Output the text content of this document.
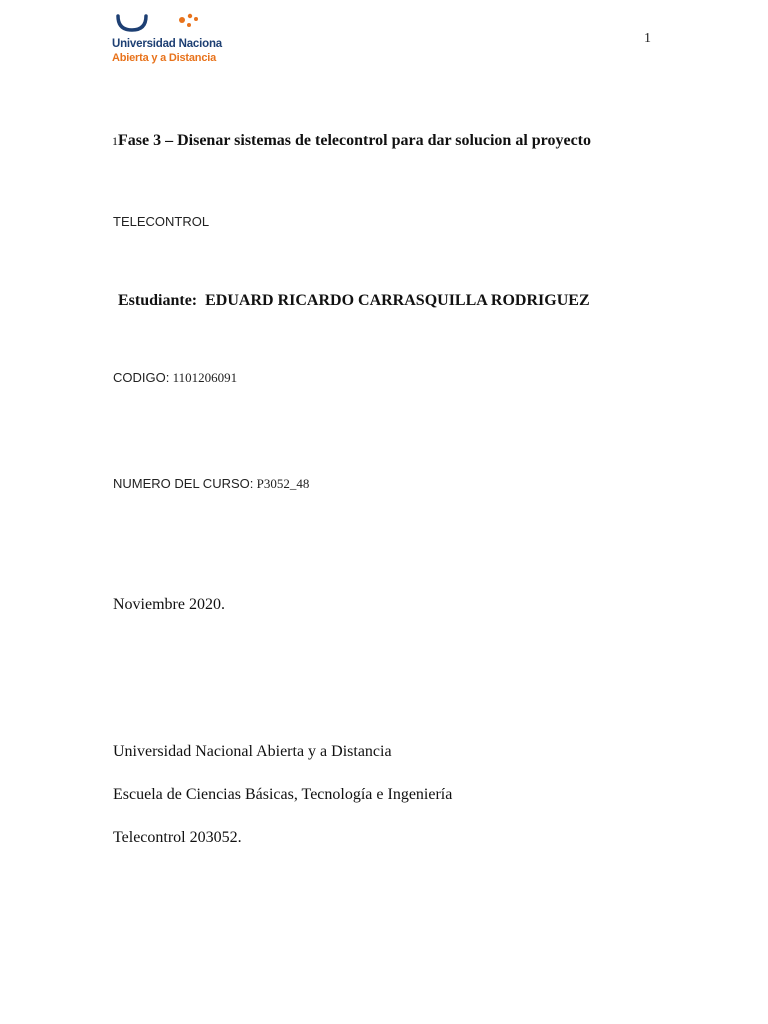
Universidad Naciona
Abierta y a Distancia
1
1Fase 3 – Disenar sistemas de telecontrol para dar solucion al proyecto
TELECONTROL
Estudiante: EDUARD RICARDO CARRASQUILLA RODRIGUEZ
CODIGO: 1101206091
NUMERO DEL CURSO: P3052_48
Noviembre 2020.
Universidad Nacional Abierta y a Distancia
Escuela de Ciencias Básicas, Tecnología e Ingeniería
Telecontrol 203052.
